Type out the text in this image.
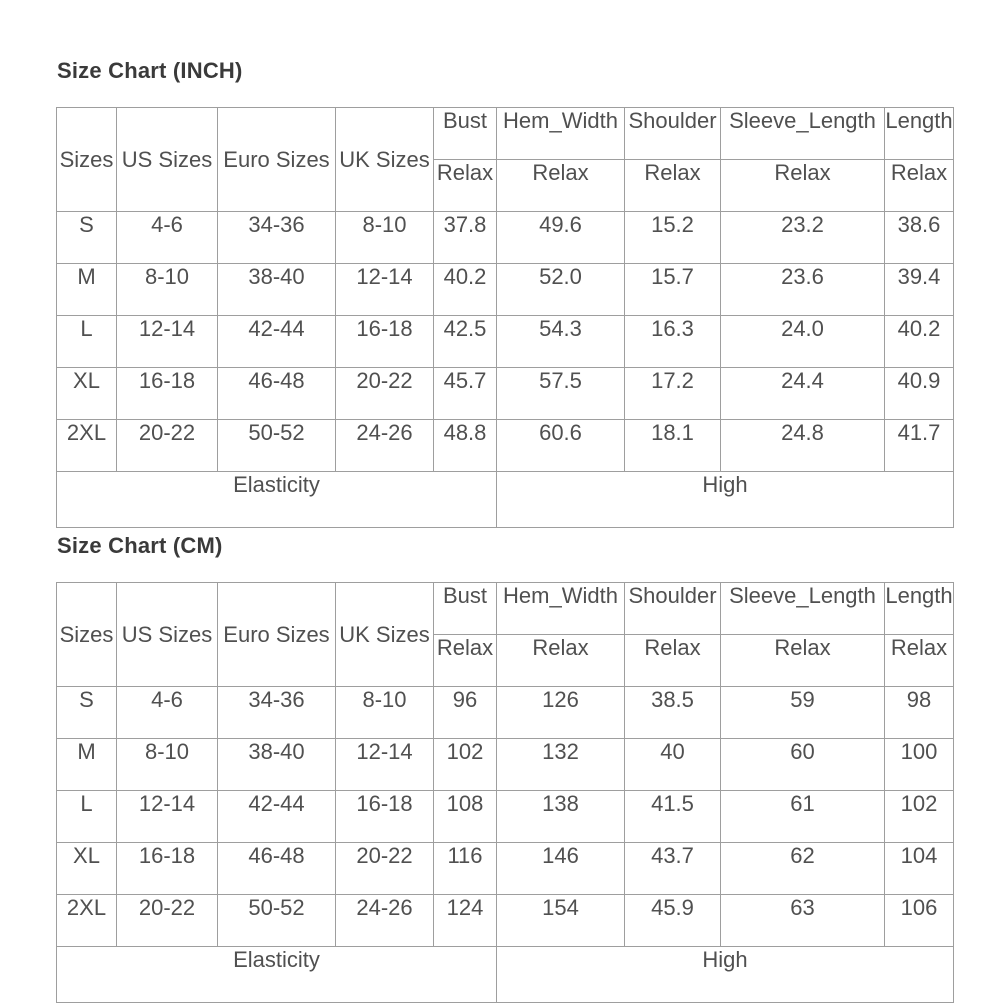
Size Chart (INCH)
Sizes	US Sizes	Euro Sizes	UK Sizes	Bust	Hem_Width	Shoulder	Sleeve_Length	Length
				Relax	Relax	Relax	Relax	Relax
S	4-6	34-36	8-10	37.8	49.6	15.2	23.2	38.6
M	8-10	38-40	12-14	40.2	52.0	15.7	23.6	39.4
L	12-14	42-44	16-18	42.5	54.3	16.3	24.0	40.2
XL	16-18	46-48	20-22	45.7	57.5	17.2	24.4	40.9
2XL	20-22	50-52	24-26	48.8	60.6	18.1	24.8	41.7
Elasticity					High			
Size Chart (CM)
Sizes	US Sizes	Euro Sizes	UK Sizes	Bust	Hem_Width	Shoulder	Sleeve_Length	Length
				Relax	Relax	Relax	Relax	Relax
S	4-6	34-36	8-10	96	126	38.5	59	98
M	8-10	38-40	12-14	102	132	40	60	100
L	12-14	42-44	16-18	108	138	41.5	61	102
XL	16-18	46-48	20-22	116	146	43.7	62	104
2XL	20-22	50-52	24-26	124	154	45.9	63	106
Elasticity					High			
